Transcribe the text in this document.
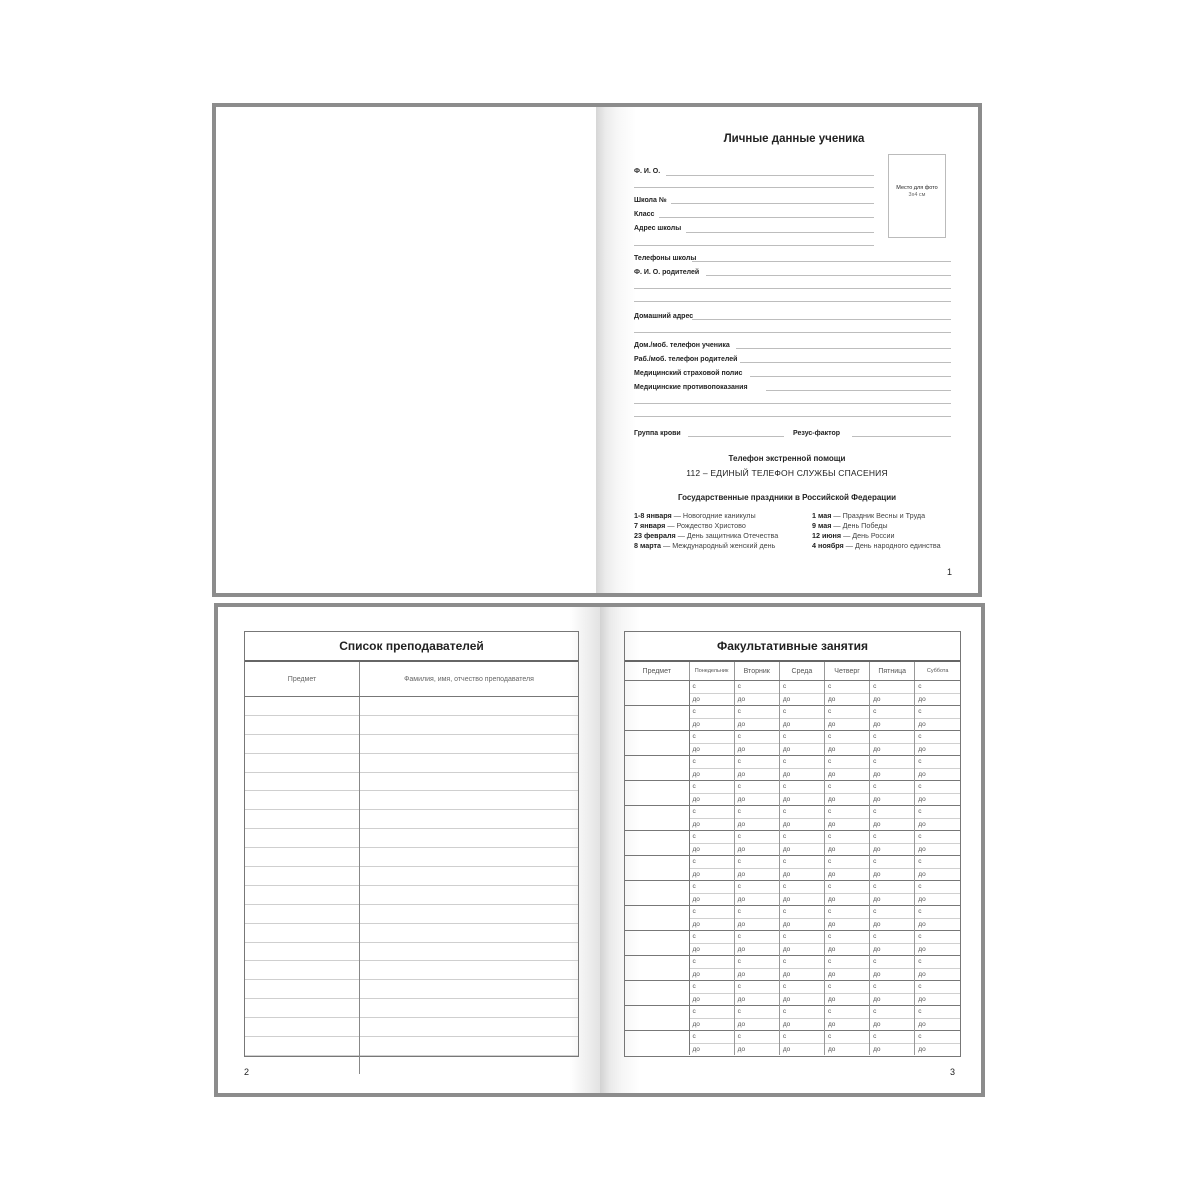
Личные данные ученика
Ф. И. О.
Школа №
Класс
Адрес школы
Место для фото
3x4 см
Телефоны школы
Ф. И. О. родителей
Домашний адрес
Дом./моб. телефон ученика
Раб./моб. телефон родителей
Медицинский страховой полис
Медицинские противопоказания
Группа крови	Резус-фактор
Телефон экстренной помощи
112 – ЕДИНЫЙ ТЕЛЕФОН СЛУЖБЫ СПАСЕНИЯ
Государственные праздники в Российской Федерации
1-8 января — Новогодние каникулы
7 января — Рождество Христово
23 февраля — День защитника Отечества
8 марта — Международный женский день
1 мая — Праздник Весны и Труда
9 мая — День Победы
12 июня — День России
4 ноября — День народного единства
1
Список преподавателей
Предмет	Фамилия, имя, отчество преподавателя

2
Факультативные занятия
Предмет	Понедельник	Вторник	Среда	Четверг	Пятница	Суббота
	с	с	с	с	с	с
	до	до	до	до	до	до
	с	с	с	с	с	с
	до	до	до	до	до	до
	с	с	с	с	с	с
	до	до	до	до	до	до
	с	с	с	с	с	с
	до	до	до	до	до	до
	с	с	с	с	с	с
	до	до	до	до	до	до
	с	с	с	с	с	с
	до	до	до	до	до	до
	с	с	с	с	с	с
	до	до	до	до	до	до
	с	с	с	с	с	с
	до	до	до	до	до	до
	с	с	с	с	с	с
	до	до	до	до	до	до
	с	с	с	с	с	с
	до	до	до	до	до	до
	с	с	с	с	с	с
	до	до	до	до	до	до
	с	с	с	с	с	с
	до	до	до	до	до	до
	с	с	с	с	с	с
	до	до	до	до	до	до
	с	с	с	с	с	с
	до	до	до	до	до	до
	с	с	с	с	с	с
	до	до	до	до	до	до
3
